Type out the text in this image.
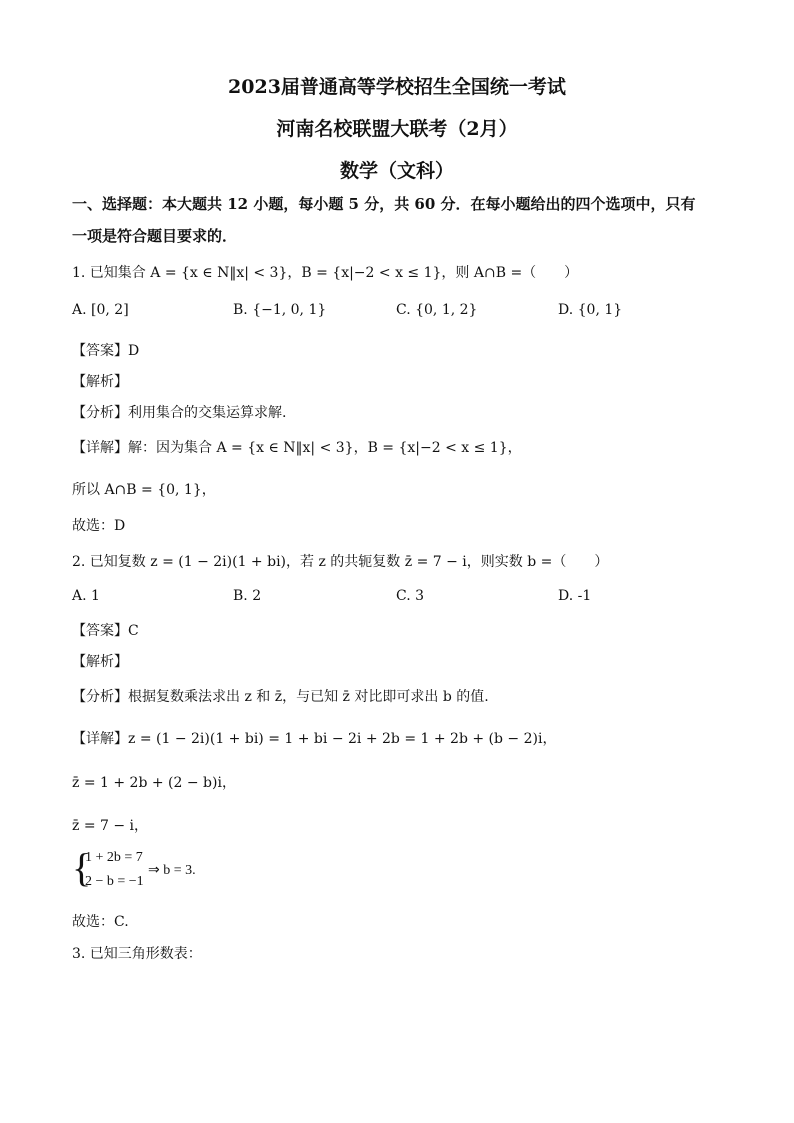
2023届普通高等学校招生全国统一考试
河南名校联盟大联考（2月）
数学（文科）
一、选择题：本大题共 12 小题，每小题 5 分，共 60 分．在每小题给出的四个选项中，只有
一项是符合题目要求的．
1. 已知集合 A = {x ∈ N‖x| < 3}，B = {x|−2 < x ≤ 1}，则 A∩B =（　　）
A. [0, 2]	B. {−1, 0, 1}	C. {0, 1, 2}	D. {0, 1}
【答案】D
【解析】
【分析】利用集合的交集运算求解.
【详解】解：因为集合 A = {x ∈ N‖x| < 3}，B = {x|−2 < x ≤ 1}，
所以 A∩B = {0, 1}，
故选：D
2. 已知复数 z = (1 − 2i)(1 + bi)，若 z 的共轭复数 z̄ = 7 − i，则实数 b =（　　）
A. 1	B. 2	C. 3	D. -1
【答案】C
【解析】
【分析】根据复数乘法求出 z 和 z̄，与已知 z̄ 对比即可求出 b 的值.
【详解】z = (1 − 2i)(1 + bi) = 1 + bi − 2i + 2b = 1 + 2b + (b − 2)i，
z̄ = 1 + 2b + (2 − b)i，
z̄ = 7 − i，
{
1 + 2b = 7
2 − b = −1
⇒ b = 3.
故选：C.
3. 已知三角形数表：
